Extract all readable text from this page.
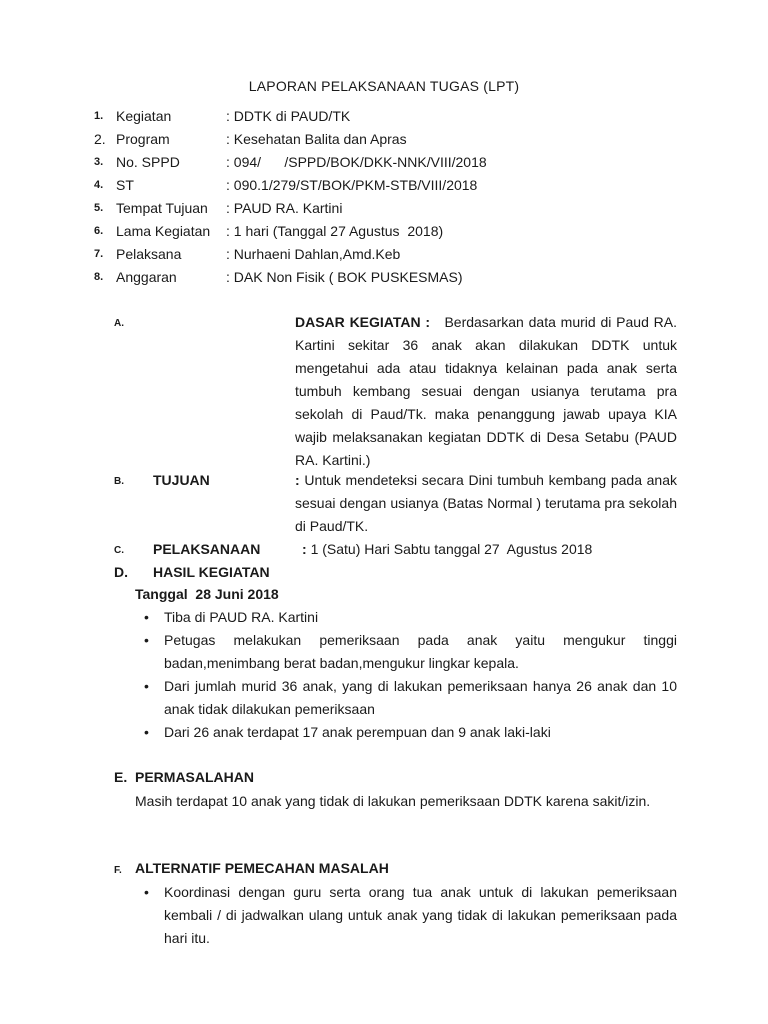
LAPORAN PELAKSANAAN TUGAS (LPT)
1. Kegiatan	: DDTK di PAUD/TK
2. Program	: Kesehatan Balita dan Apras
3. No. SPPD	: 094/      /SPPD/BOK/DKK-NNK/VIII/2018
4. ST	: 090.1/279/ST/BOK/PKM-STB/VIII/2018
5. Tempat Tujuan : PAUD RA. Kartini
6. Lama Kegiatan : 1 hari (Tanggal 27 Agustus  2018)
7. Pelaksana	: Nurhaeni Dahlan,Amd.Keb
8. Anggaran	: DAK Non Fisik ( BOK PUSKESMAS)
A.	DASAR KEGIATAN : Berdasarkan data murid di Paud RA. Kartini sekitar 36 anak akan dilakukan DDTK untuk mengetahui ada atau tidaknya kelainan pada anak serta tumbuh kembang sesuai dengan usianya terutama pra sekolah di Paud/Tk. maka penanggung jawab upaya KIA wajib melaksanakan kegiatan DDTK di Desa Setabu (PAUD RA. Kartini.)
B. TUJUAN	: Untuk mendeteksi secara Dini tumbuh kembang pada anak sesuai dengan usianya (Batas Normal ) terutama pra sekolah di Paud/TK.
C. PELAKSANAAN	: 1 (Satu) Hari Sabtu tanggal 27  Agustus 2018
D. HASIL KEGIATAN
Tanggal  28 Juni 2018
• Tiba di PAUD RA. Kartini
• Petugas melakukan pemeriksaan pada anak yaitu mengukur tinggi badan,menimbang berat badan,mengukur lingkar kepala.
• Dari jumlah murid 36 anak, yang di lakukan pemeriksaan hanya 26 anak dan 10 anak tidak dilakukan pemeriksaan
• Dari 26 anak terdapat 17 anak perempuan dan 9 anak laki-laki
E. PERMASALAHAN
Masih terdapat 10 anak yang tidak di lakukan pemeriksaan DDTK karena sakit/izin.
F. ALTERNATIF PEMECAHAN MASALAH
• Koordinasi dengan guru serta orang tua anak untuk di lakukan pemeriksaan kembali / di jadwalkan ulang untuk anak yang tidak di lakukan pemeriksaan pada hari itu.
